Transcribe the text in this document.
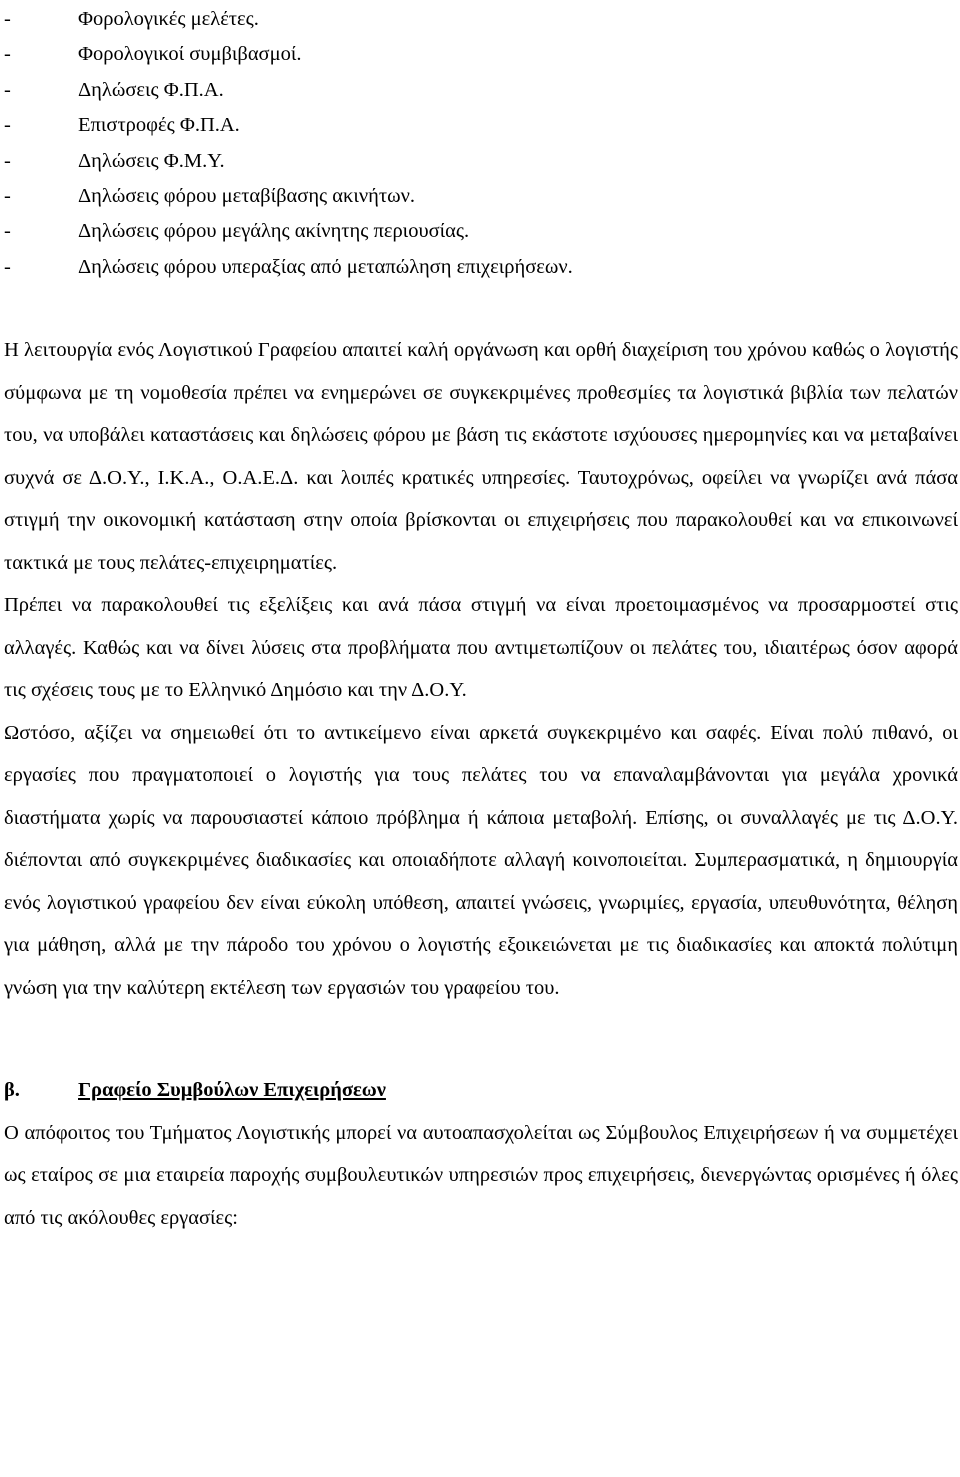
-	Φορολογικές μελέτες.
-	Φορολογικοί συμβιβασμοί.
-	Δηλώσεις Φ.Π.Α.
-	Επιστροφές Φ.Π.Α.
-	Δηλώσεις Φ.Μ.Υ.
-	Δηλώσεις φόρου μεταβίβασης ακινήτων.
-	Δηλώσεις φόρου μεγάλης ακίνητης περιουσίας.
-	Δηλώσεις φόρου υπεραξίας από μεταπώληση επιχειρήσεων.

Η λειτουργία ενός Λογιστικού Γραφείου απαιτεί καλή οργάνωση και ορθή διαχείριση του χρόνου καθώς ο λογιστής σύμφωνα με τη νομοθεσία πρέπει να ενημερώνει σε συγκεκριμένες προθεσμίες τα λογιστικά βιβλία των πελατών του, να υποβάλει καταστάσεις και δηλώσεις φόρου με βάση τις εκάστοτε ισχύουσες ημερομηνίες και να μεταβαίνει συχνά σε Δ.Ο.Υ., Ι.Κ.Α., Ο.Α.Ε.Δ. και λοιπές κρατικές υπηρεσίες. Ταυτοχρόνως, οφείλει να γνωρίζει ανά πάσα στιγμή την οικονομική κατάσταση στην οποία βρίσκονται οι επιχειρήσεις που παρακολουθεί και να επικοινωνεί τακτικά με τους πελάτες-επιχειρηματίες.

Πρέπει να παρακολουθεί τις εξελίξεις και ανά πάσα στιγμή να είναι προετοιμασμένος να προσαρμοστεί στις αλλαγές. Καθώς και να δίνει λύσεις στα προβλήματα που αντιμετωπίζουν οι πελάτες του, ιδιαιτέρως όσον αφορά τις σχέσεις τους με το Ελληνικό Δημόσιο και την Δ.Ο.Υ.

Ωστόσο, αξίζει να σημειωθεί ότι το αντικείμενο είναι αρκετά συγκεκριμένο και σαφές. Είναι πολύ πιθανό, οι εργασίες που πραγματοποιεί ο λογιστής για τους πελάτες του να επαναλαμβάνονται για μεγάλα χρονικά διαστήματα χωρίς να παρουσιαστεί κάποιο πρόβλημα ή κάποια μεταβολή. Επίσης, οι συναλλαγές με τις Δ.Ο.Υ. διέπονται από συγκεκριμένες διαδικασίες και οποιαδήποτε αλλαγή κοινοποιείται. Συμπερασματικά, η δημιουργία ενός λογιστικού γραφείου δεν είναι εύκολη υπόθεση, απαιτεί γνώσεις, γνωριμίες, εργασία, υπευθυνότητα, θέληση για μάθηση, αλλά με την πάροδο του χρόνου ο λογιστής εξοικειώνεται με τις διαδικασίες και αποκτά πολύτιμη γνώση για την καλύτερη εκτέλεση των εργασιών του γραφείου του.

β.	Γραφείο Συμβούλων Επιχειρήσεων

Ο απόφοιτος του Τμήματος Λογιστικής μπορεί να αυτοαπασχολείται ως Σύμβουλος Επιχειρήσεων ή να συμμετέχει ως εταίρος σε μια εταιρεία παροχής συμβουλευτικών υπηρεσιών προς επιχειρήσεις, διενεργώντας ορισμένες ή όλες από τις ακόλουθες εργασίες:
